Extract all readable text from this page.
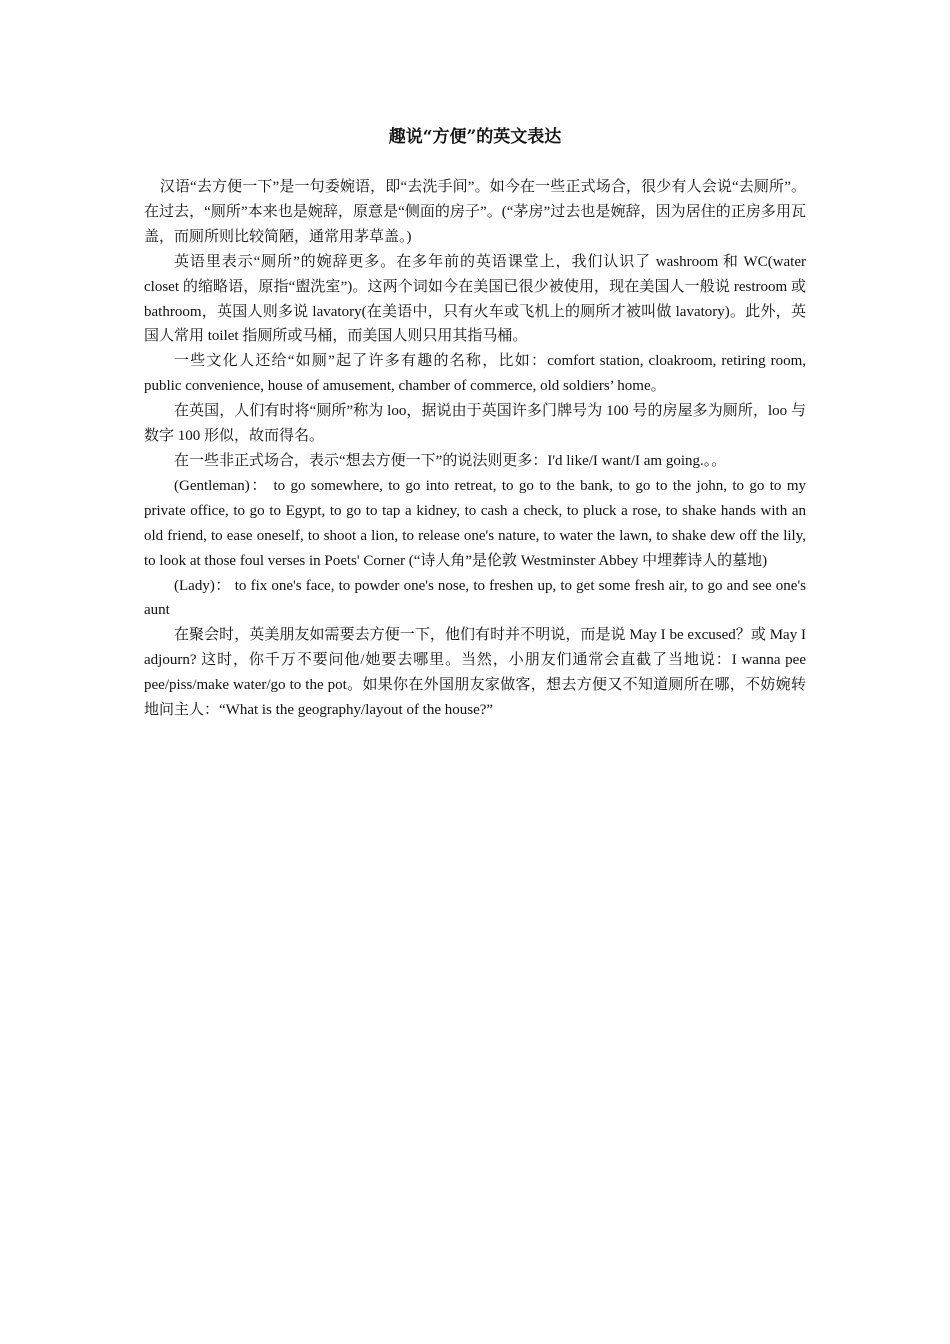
趣说“方便”的英文表达

汉语“去方便一下”是一句委婉语，即“去洗手间”。如今在一些正式场合，很少有人会说“去厕所”。在过去，“厕所”本来也是婉辞，原意是“侧面的房子”。(“茅房”过去也是婉辞，因为居住的正房多用瓦盖，而厕所则比较简陋，通常用茅草盖。)

英语里表示“厕所”的婉辞更多。在多年前的英语课堂上，我们认识了 washroom 和 WC(water closet 的缩略语，原指“盥洗室”)。这两个词如今在美国已很少被使用，现在美国人一般说 restroom 或 bathroom，英国人则多说 lavatory(在美语中，只有火车或飞机上的厕所才被叫做 lavatory)。此外，英国人常用 toilet 指厕所或马桶，而美国人则只用其指马桶。

一些文化人还给“如厕”起了许多有趣的名称，比如：comfort station, cloakroom, retiring room, public convenience, house of amusement, chamber of commerce, old soldiers’ home。

在英国，人们有时将“厕所”称为 loo，据说由于英国许多门牌号为 100 号的房屋多为厕所，loo 与数字 100 形似，故而得名。

在一些非正式场合，表示“想去方便一下”的说法则更多：I'd like/I want/I am going.。。

(Gentleman)： to go somewhere, to go into retreat, to go to the bank, to go to the john, to go to my private office, to go to Egypt, to go to tap a kidney, to cash a check, to pluck a rose, to shake hands with an old friend, to ease oneself, to shoot a lion, to release one's nature, to water the lawn, to shake dew off the lily, to look at those foul verses in Poets' Corner (“诗人角”是伦敦 Westminster Abbey 中埋葬诗人的墓地)

(Lady)： to fix one's face, to powder one's nose, to freshen up, to get some fresh air, to go and see one's aunt

在聚会时，英美朋友如需要去方便一下，他们有时并不明说，而是说 May I be excused？或 May I adjourn? 这时，你千万不要问他/她要去哪里。当然，小朋友们通常会直截了当地说：I wanna pee pee/piss/make water/go to the pot。如果你在外国朋友家做客，想去方便又不知道厕所在哪，不妨婉转地问主人：“What is the geography/layout of the house?”
